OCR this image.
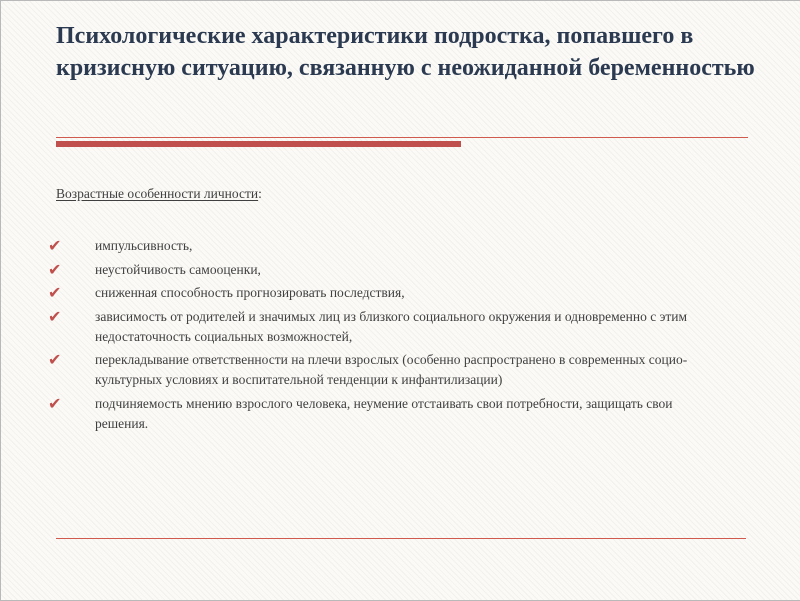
Психологические характеристики подростка, попавшего в кризисную ситуацию, связанную с неожиданной беременностью
Возрастные особенности личности:
✔	импульсивность,
✔	неустойчивость самооценки,
✔	сниженная способность прогнозировать последствия,
✔	зависимость от родителей и значимых лиц из близкого социального окружения и одновременно с этим недостаточность социальных возможностей,
✔	перекладывание ответственности на плечи взрослых (особенно распространено в современных социо-культурных условиях и воспитательной тенденции к инфантилизации)
✔	подчиняемость мнению взрослого человека, неумение отстаивать свои потребности, защищать свои решения.
